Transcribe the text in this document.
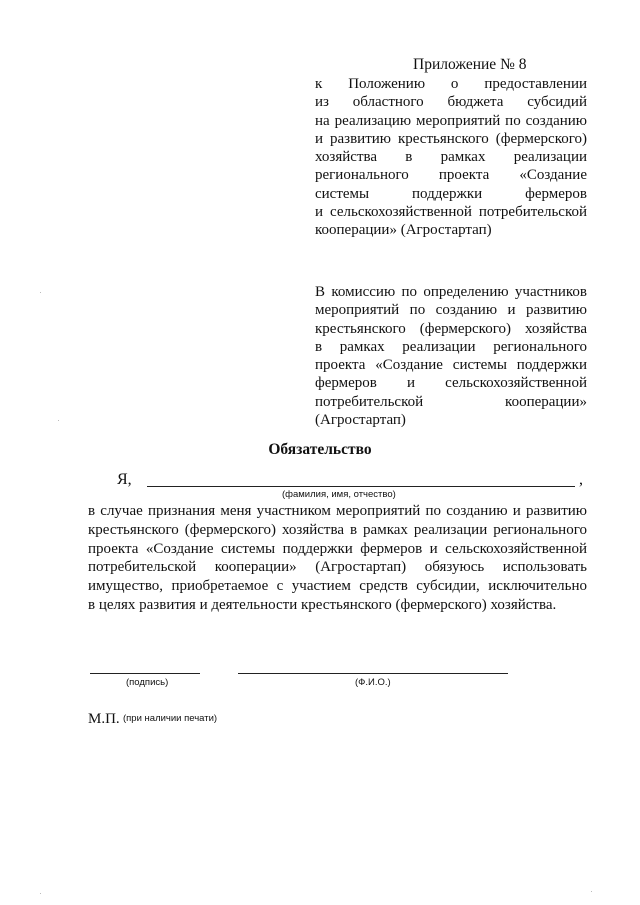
Приложение № 8
к Положению о предоставлении
из областного бюджета субсидий
на реализацию мероприятий по созданию
и развитию крестьянского (фермерского)
хозяйства в рамках реализации
регионального проекта «Создание
системы поддержки фермеров
и сельскохозяйственной потребительской
кооперации» (Агростартап)
В комиссию по определению участников
мероприятий по созданию и развитию
крестьянского (фермерского) хозяйства
в рамках реализации регионального
проекта «Создание системы поддержки
фермеров и сельскохозяйственной
потребительской кооперации» (Агростартап)
Обязательство
Я,	,
(фамилия, имя, отчество)
в случае признания меня участником мероприятий по созданию и развитию
крестьянского (фермерского) хозяйства в рамках реализации регионального
проекта «Создание системы поддержки фермеров и сельскохозяйственной
потребительской кооперации» (Агростартап) обязуюсь использовать
имущество, приобретаемое с участием средств субсидии, исключительно
в целях развития и деятельности крестьянского (фермерского) хозяйства.
(подпись)	(Ф.И.О.)
М.П. (при наличии печати)
